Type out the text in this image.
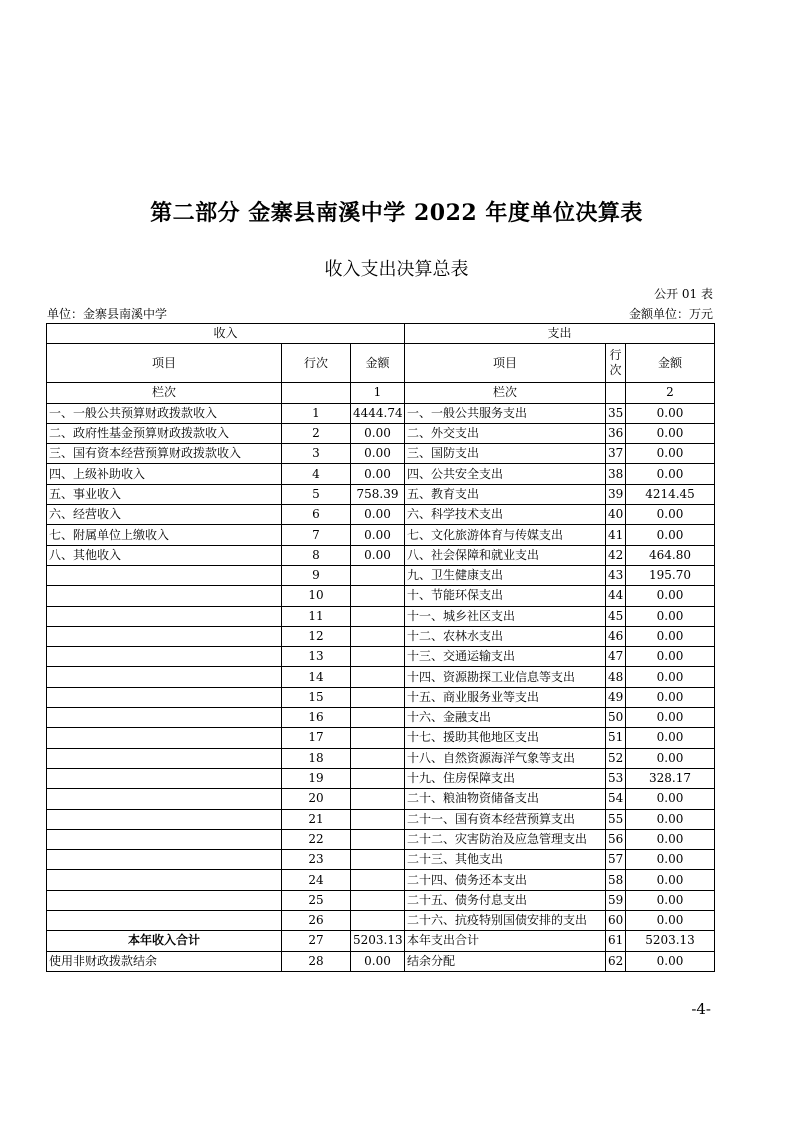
第二部分 金寨县南溪中学 2022 年度单位决算表
收入支出决算总表
公开 01 表
单位：金寨县南溪中学	金额单位：万元
收入			支出		
项目	行次	金额	项目	行次	金额
栏次		1	栏次		2
一、一般公共预算财政拨款收入	1	4444.74	一、一般公共服务支出	35	0.00
二、政府性基金预算财政拨款收入	2	0.00	二、外交支出	36	0.00
三、国有资本经营预算财政拨款收入	3	0.00	三、国防支出	37	0.00
四、上级补助收入	4	0.00	四、公共安全支出	38	0.00
五、事业收入	5	758.39	五、教育支出	39	4214.45
六、经营收入	6	0.00	六、科学技术支出	40	0.00
七、附属单位上缴收入	7	0.00	七、文化旅游体育与传媒支出	41	0.00
八、其他收入	8	0.00	八、社会保障和就业支出	42	464.80
	9		九、卫生健康支出	43	195.70
	10		十、节能环保支出	44	0.00
	11		十一、城乡社区支出	45	0.00
	12		十二、农林水支出	46	0.00
	13		十三、交通运输支出	47	0.00
	14		十四、资源勘探工业信息等支出	48	0.00
	15		十五、商业服务业等支出	49	0.00
	16		十六、金融支出	50	0.00
	17		十七、援助其他地区支出	51	0.00
	18		十八、自然资源海洋气象等支出	52	0.00
	19		十九、住房保障支出	53	328.17
	20		二十、粮油物资储备支出	54	0.00
	21		二十一、国有资本经营预算支出	55	0.00
	22		二十二、灾害防治及应急管理支出	56	0.00
	23		二十三、其他支出	57	0.00
	24		二十四、债务还本支出	58	0.00
	25		二十五、债务付息支出	59	0.00
	26		二十六、抗疫特别国债安排的支出	60	0.00
本年收入合计	27	5203.13	本年支出合计	61	5203.13
使用非财政拨款结余	28	0.00	结余分配	62	0.00
-4-
